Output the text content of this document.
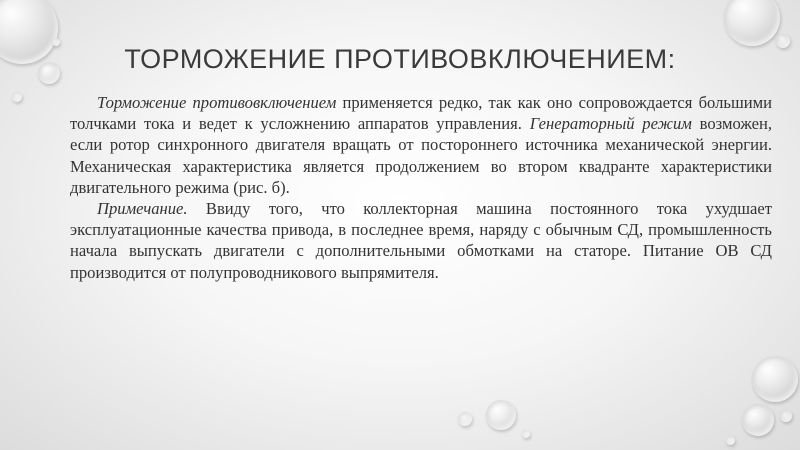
ТОРМОЖЕНИЕ ПРОТИВОВКЛЮЧЕНИЕМ:

Торможение противовключением применяется редко, так как оно сопровождается большими толчками тока и ведет к усложнению аппаратов управления. Генераторный режим возможен, если ротор синхронного двигателя вращать от постороннего источника механической энергии. Механическая характеристика является продолжением во втором квадранте характеристики двигательного режима (рис. б).

Примечание. Ввиду того, что коллекторная машина постоянного тока ухудшает эксплуатационные качества привода, в последнее время, наряду с обычным СД, промышленность начала выпускать двигатели с дополнительными обмотками на статоре. Питание ОВ СД производится от полупроводникового выпрямителя.
